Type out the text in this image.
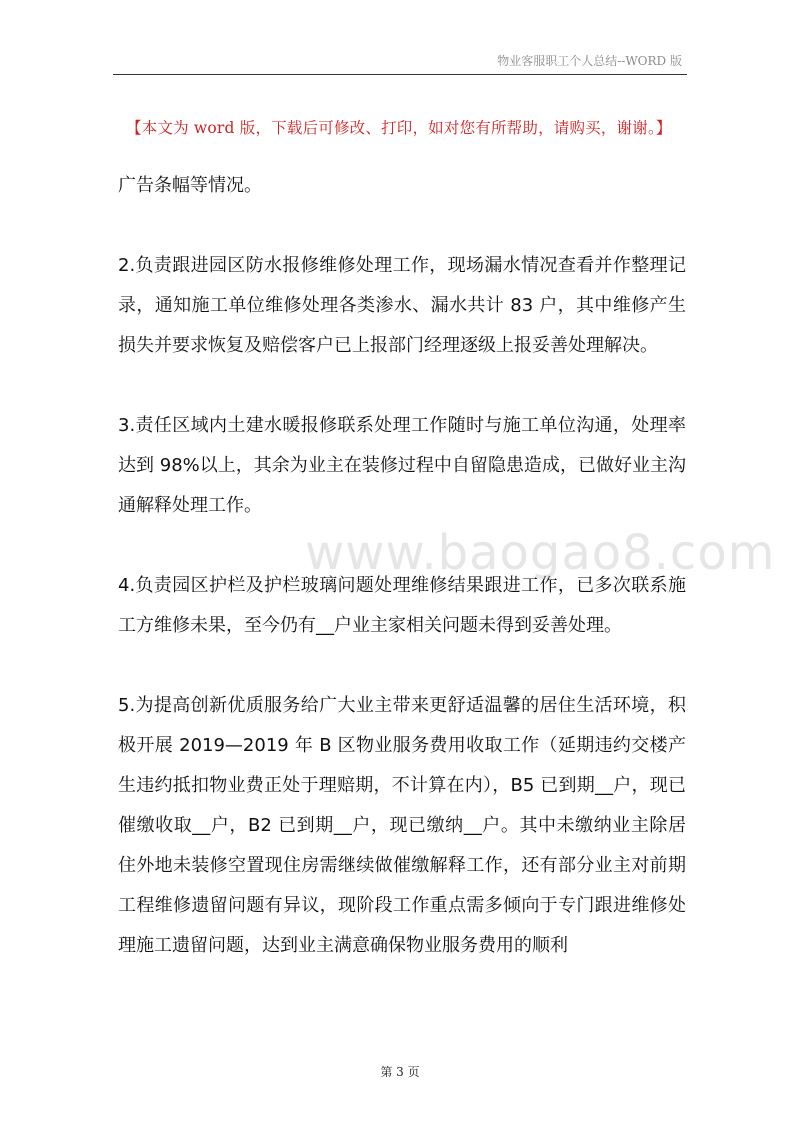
物业客服职工个人总结--WORD 版
【本文为 word 版，下载后可修改、打印，如对您有所帮助，请购买，谢谢。】

广告条幅等情况。

2.负责跟进园区防水报修维修处理工作，现场漏水情况查看并作整理记录，通知施工单位维修处理各类渗水、漏水共计 83 户，其中维修产生损失并要求恢复及赔偿客户已上报部门经理逐级上报妥善处理解决。

3.责任区域内土建水暖报修联系处理工作随时与施工单位沟通，处理率达到 98%以上，其余为业主在装修过程中自留隐患造成，已做好业主沟通解释处理工作。

4.负责园区护栏及护栏玻璃问题处理维修结果跟进工作，已多次联系施工方维修未果，至今仍有__户业主家相关问题未得到妥善处理。

5.为提高创新优质服务给广大业主带来更舒适温馨的居住生活环境，积极开展 2019—2019 年 B 区物业服务费用收取工作（延期违约交楼产生违约抵扣物业费正处于理赔期，不计算在内），B5 已到期__户，现已催缴收取__户，B2 已到期__户，现已缴纳__户。其中未缴纳业主除居住外地未装修空置现住房需继续做催缴解释工作，还有部分业主对前期工程维修遗留问题有异议，现阶段工作重点需多倾向于专门跟进维修处理施工遗留问题，达到业主满意确保物业服务费用的顺利

www.baogao8.com
第 3 页
